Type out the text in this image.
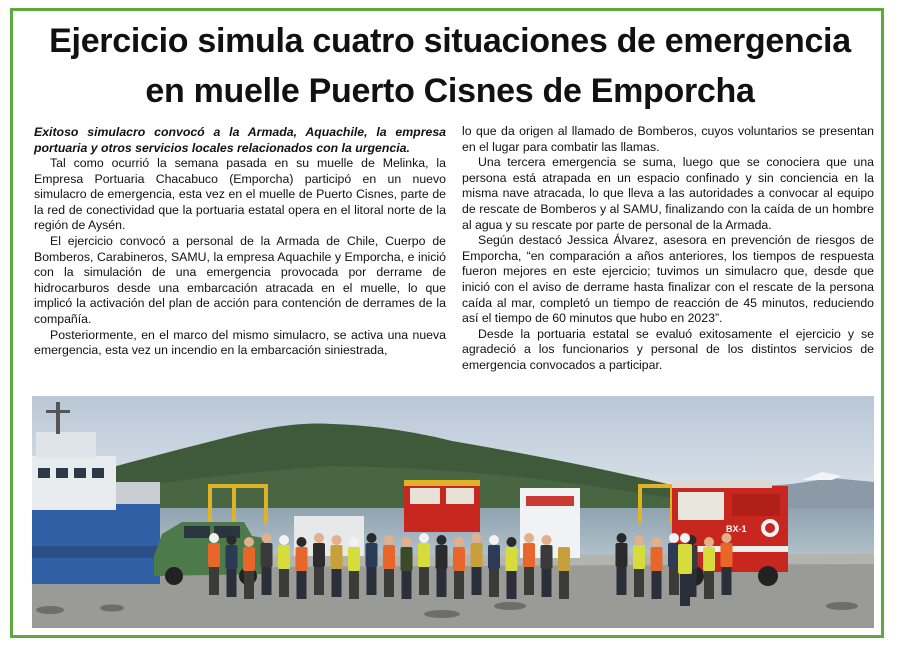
Ejercicio simula cuatro situaciones de emergencia
en muelle Puerto Cisnes de Emporcha

Exitoso simulacro convocó a la Armada, Aquachile, la empresa portuaria y otros servicios locales relacionados con la urgencia.

Tal como ocurrió la semana pasada en su muelle de Melinka, la Empresa Portuaria Chacabuco (Emporcha) participó en un nuevo simulacro de emergencia, esta vez en el muelle de Puerto Cisnes, parte de la red de conectividad que la portuaria estatal opera en el litoral norte de la región de Aysén.

El ejercicio convocó a personal de la Armada de Chile, Cuerpo de Bomberos, Carabineros, SAMU, la empresa Aquachile y Emporcha, e inició con la simulación de una emergencia provocada por derrame de hidrocarburos desde una embarcación atracada en el muelle, lo que implicó la activación del plan de acción para contención de derrames de la compañía.

Posteriormente, en el marco del mismo simulacro, se activa una nueva emergencia, esta vez un incendio en la embarcación siniestrada,

lo que da origen al llamado de Bomberos, cuyos voluntarios se presentan en el lugar para combatir las llamas.

Una tercera emergencia se suma, luego que se conociera que una persona está atrapada en un espacio confinado y sin conciencia en la misma nave atracada, lo que lleva a las autoridades a convocar al equipo de rescate de Bomberos y al SAMU, finalizando con la caída de un hombre al agua y su rescate por parte de personal de la Armada.

Según destacó Jessica Álvarez, asesora en prevención de riesgos de Emporcha, “en comparación a años anteriores, los tiempos de respuesta fueron mejores en este ejercicio; tuvimos un simulacro que, desde que inició con el aviso de derrame hasta finalizar con el rescate de la persona caída al mar, completó un tiempo de reacción de 45 minutos, reduciendo así el tiempo de 60 minutos que hubo en 2023”.

Desde la portuaria estatal se evaluó exitosamente el ejercicio y se agradeció a los funcionarios y personal de los distintos servicios de emergencia convocados a participar.

BX-1
